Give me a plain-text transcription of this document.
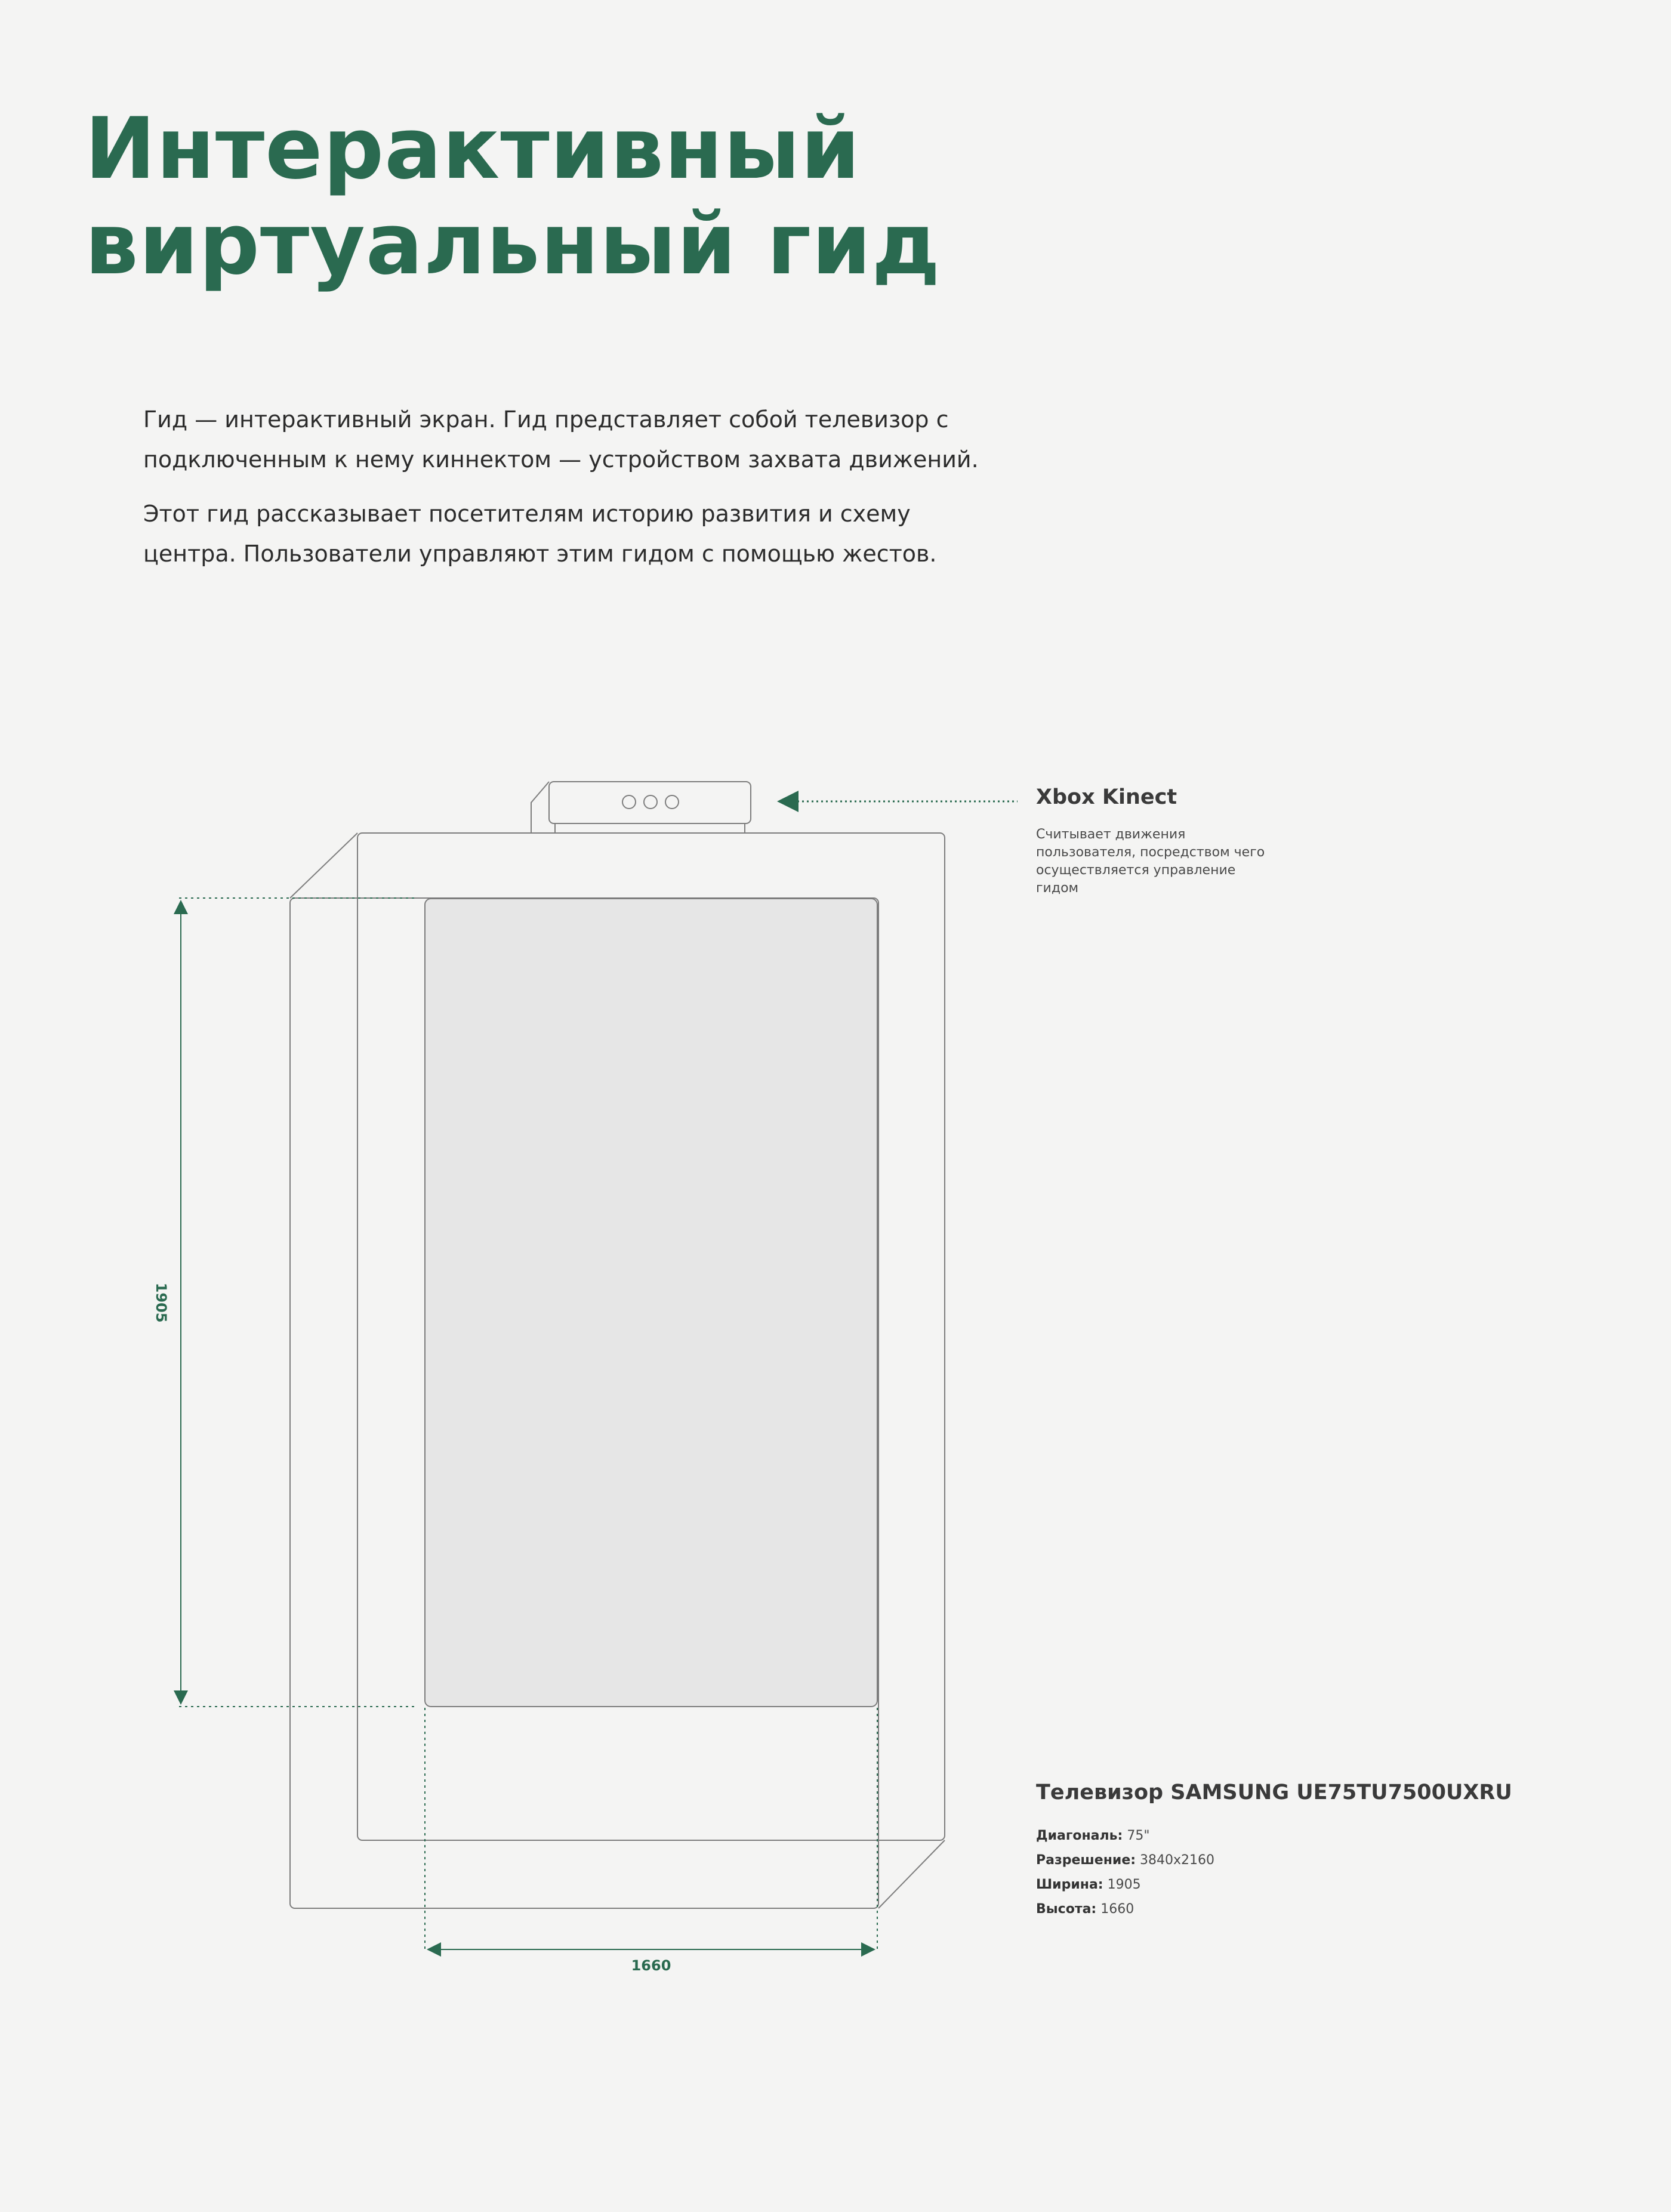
Интерактивный
виртуальный гид

Гид — интерактивный экран. Гид представляет собой телевизор с подключенным к нему киннектом — устройством захвата движений.

Этот гид рассказывает посетителям историю развития и схему центра. Пользователи управляют этим гидом с помощью жестов.

1905
1660
Xbox Kinect
Считывает движения пользователя, посредством чего осуществляется управление гидом
Телевизор SAMSUNG UE75TU7500UXRU
Диагональ: 75"
Разрешение: 3840x2160
Ширина: 1905
Высота: 1660
